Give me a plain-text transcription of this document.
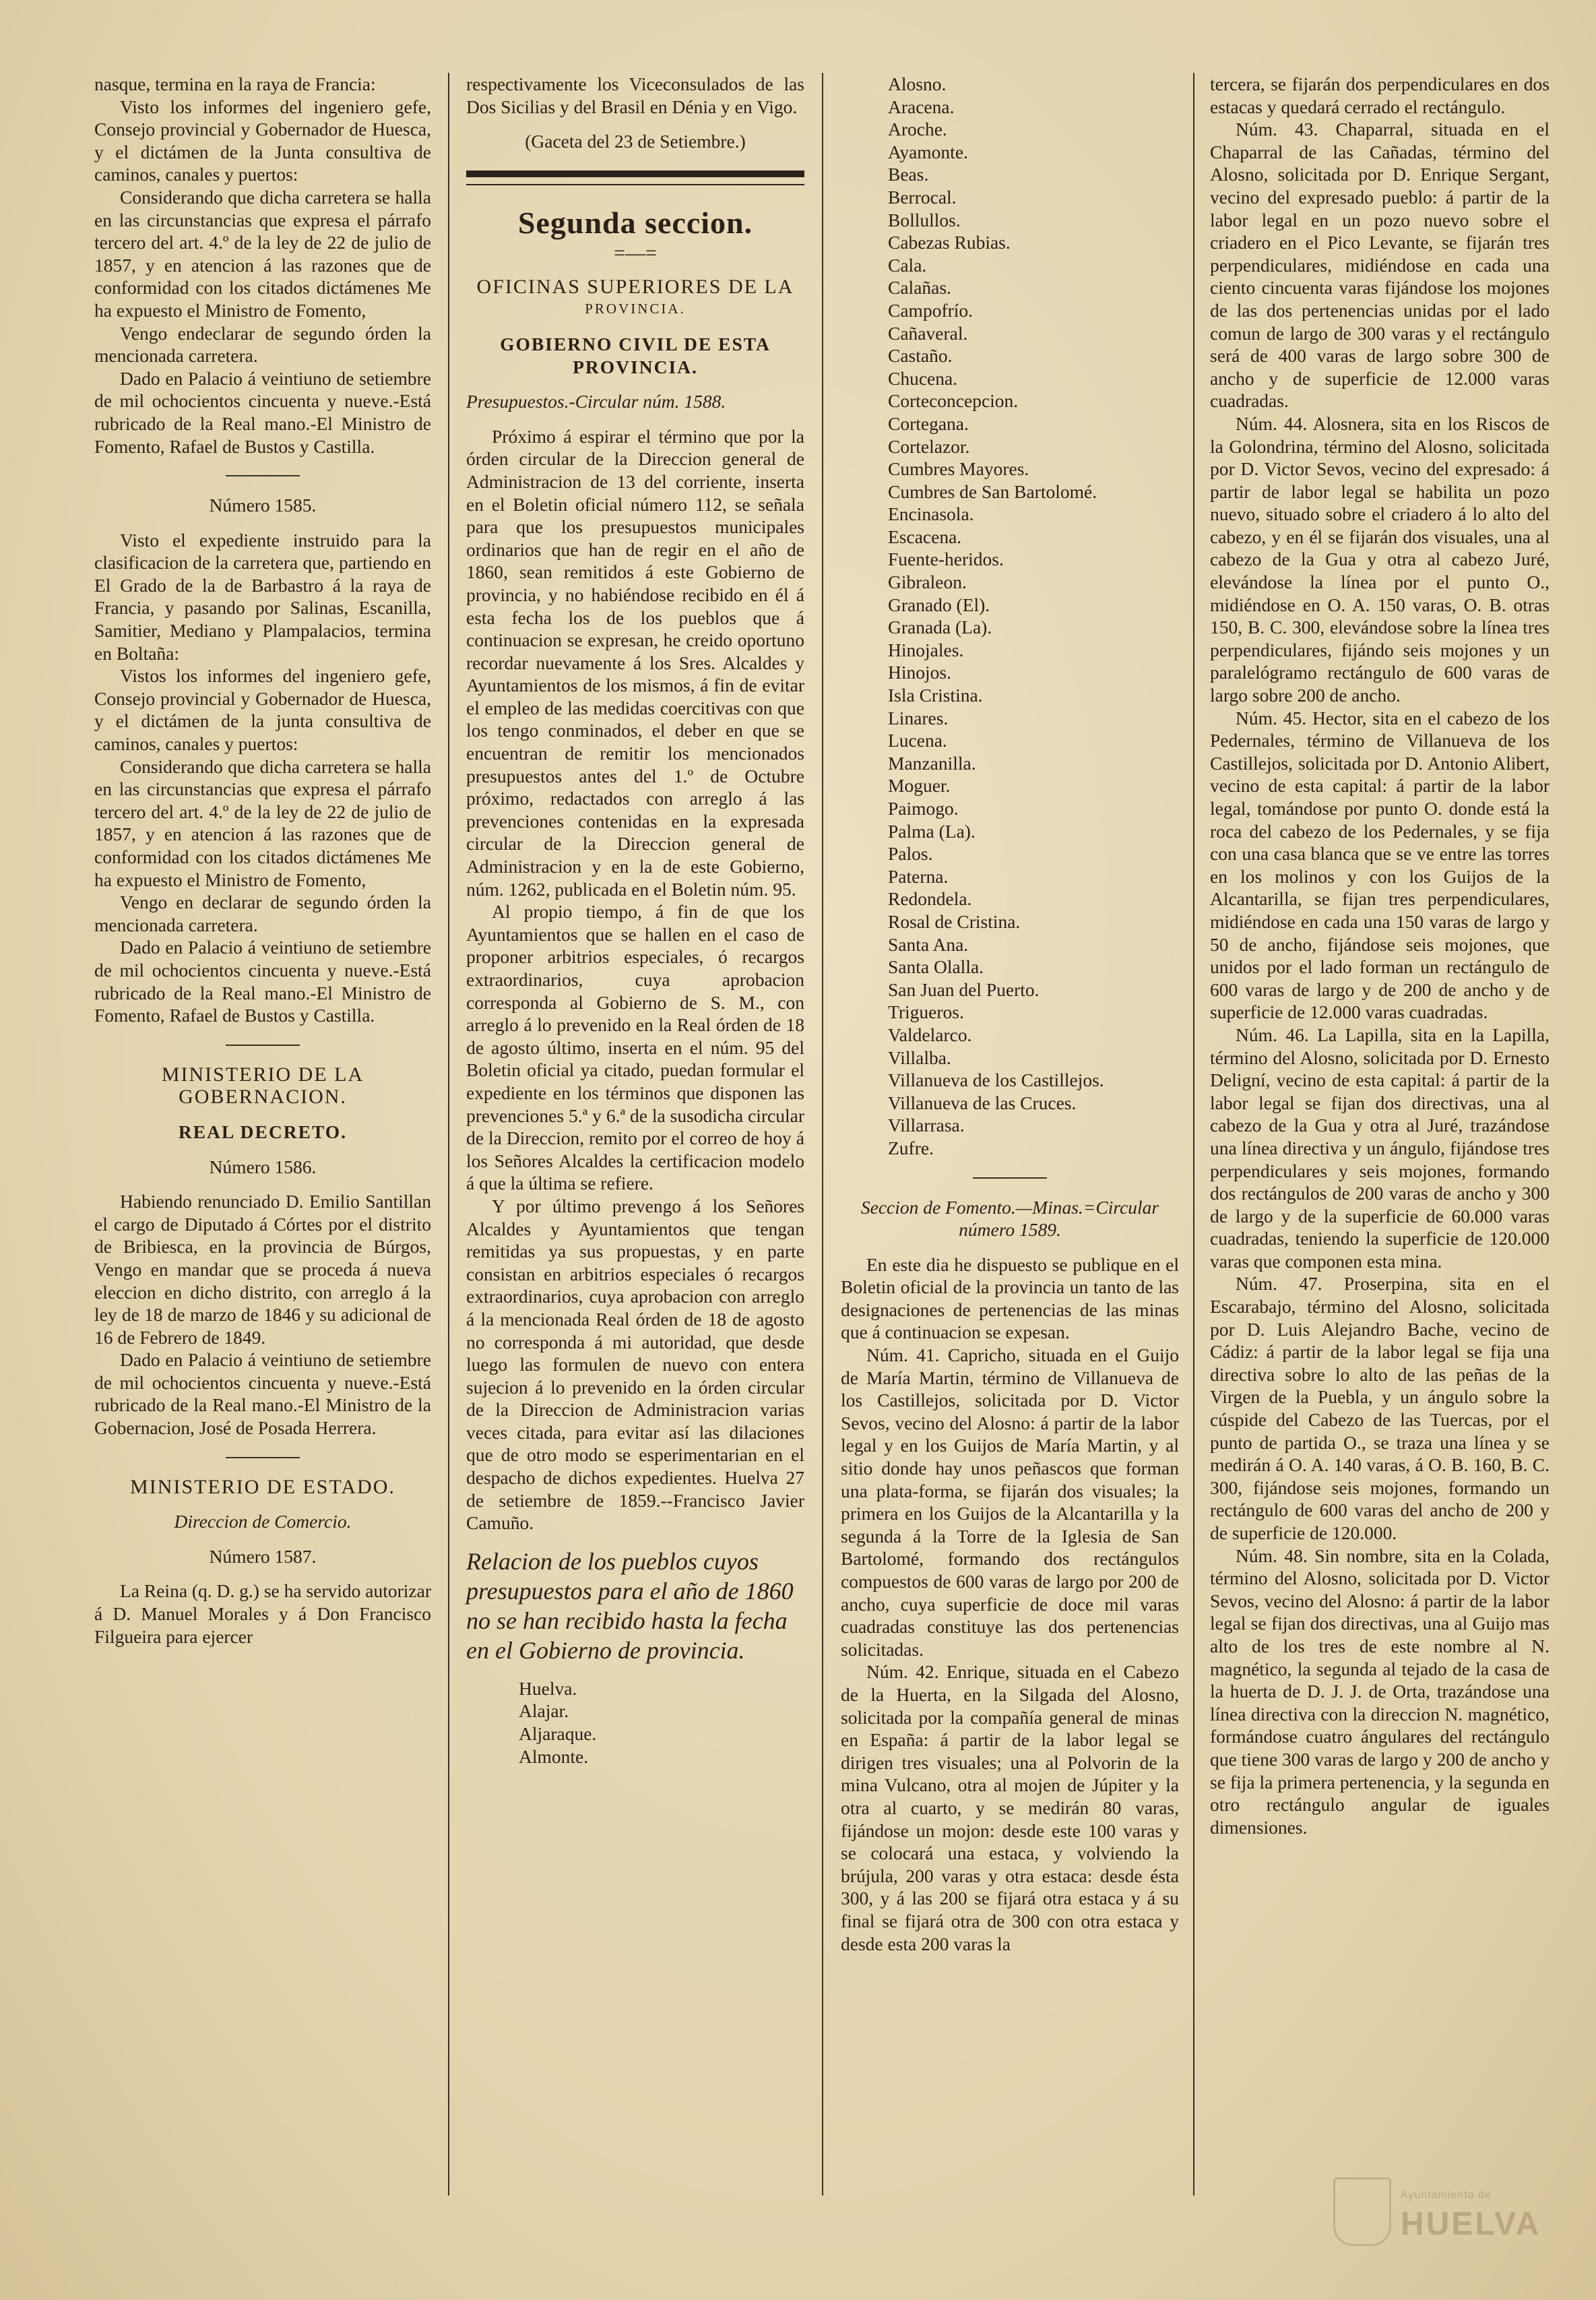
nasque, termina en la raya de Francia:

Visto los informes del ingeniero gefe, Consejo provincial y Gobernador de Huesca, y el dictámen de la Junta consultiva de caminos, canales y puertos:

Considerando que dicha carretera se halla en las circunstancias que expresa el párrafo tercero del art. 4.º de la ley de 22 de julio de 1857, y en atencion á las razones que de conformidad con los citados dictámenes Me ha expuesto el Ministro de Fomento,

Vengo endeclarar de segundo órden la mencionada carretera.

Dado en Palacio á veintiuno de setiembre de mil ochocientos cincuenta y nueve.-Está rubricado de la Real mano.-El Ministro de Fomento, Rafael de Bustos y Castilla.

Número 1585.

Visto el expediente instruido para la clasificacion de la carretera que, partiendo en El Grado de la de Barbastro á la raya de Francia, y pasando por Salinas, Escanilla, Samitier, Mediano y Plampalacios, termina en Boltaña:

Vistos los informes del ingeniero gefe, Consejo provincial y Gobernador de Huesca, y el dictámen de la junta consultiva de caminos, canales y puertos:

Considerando que dicha carretera se halla en las circunstancias que expresa el párrafo tercero del art. 4.º de la ley de 22 de julio de 1857, y en atencion á las razones que de conformidad con los citados dictámenes Me ha expuesto el Ministro de Fomento,

Vengo en declarar de segundo órden la mencionada carretera.

Dado en Palacio á veintiuno de setiembre de mil ochocientos cincuenta y nueve.-Está rubricado de la Real mano.-El Ministro de Fomento, Rafael de Bustos y Castilla.

MINISTERIO DE LA GOBERNACION.

REAL DECRETO.

Número 1586.

Habiendo renunciado D. Emilio Santillan el cargo de Diputado á Córtes por el distrito de Bribiesca, en la provincia de Búrgos, Vengo en mandar que se proceda á nueva eleccion en dicho distrito, con arreglo á la ley de 18 de marzo de 1846 y su adicional de 16 de Febrero de 1849.

Dado en Palacio á veintiuno de setiembre de mil ochocientos cincuenta y nueve.-Está rubricado de la Real mano.-El Ministro de la Gobernacion, José de Posada Herrera.

MINISTERIO DE ESTADO.

Direccion de Comercio.

Número 1587.

La Reina (q. D. g.) se ha servido autorizar á D. Manuel Morales y á Don Francisco Filgueira para ejercer

respectivamente los Viceconsulados de las Dos Sicilias y del Brasil en Dénia y en Vigo.

(Gaceta del 23 de Setiembre.)

Segunda seccion.
=—=

OFICINAS SUPERIORES DE LA

PROVINCIA.

GOBIERNO CIVIL DE ESTA PROVINCIA.

Presupuestos.-Circular núm. 1588.

Próximo á espirar el término que por la órden circular de la Direccion general de Administracion de 13 del corriente, inserta en el Boletin oficial número 112, se señala para que los presupuestos municipales ordinarios que han de regir en el año de 1860, sean remitidos á este Gobierno de provincia, y no habiéndose recibido en él á esta fecha los de los pueblos que á continuacion se expresan, he creido oportuno recordar nuevamente á los Sres. Alcaldes y Ayuntamientos de los mismos, á fin de evitar el empleo de las medidas coercitivas con que los tengo conminados, el deber en que se encuentran de remitir los mencionados presupuestos antes del 1.º de Octubre próximo, redactados con arreglo á las prevenciones contenidas en la expresada circular de la Direccion general de Administracion y en la de este Gobierno, núm. 1262, publicada en el Boletin núm. 95.

Al propio tiempo, á fin de que los Ayuntamientos que se hallen en el caso de proponer arbitrios especiales, ó recargos extraordinarios, cuya aprobacion corresponda al Gobierno de S. M., con arreglo á lo prevenido en la Real órden de 18 de agosto último, inserta en el núm. 95 del Boletin oficial ya citado, puedan formular el expediente en los términos que disponen las prevenciones 5.ª y 6.ª de la susodicha circular de la Direccion, remito por el correo de hoy á los Señores Alcaldes la certificacion modelo á que la última se refiere.

Y por último prevengo á los Señores Alcaldes y Ayuntamientos que tengan remitidas ya sus propuestas, y en parte consistan en arbitrios especiales ó recargos extraordinarios, cuya aprobacion con arreglo á la mencionada Real órden de 18 de agosto no corresponda á mi autoridad, que desde luego las formulen de nuevo con entera sujecion á lo prevenido en la órden circular de la Direccion de Administracion varias veces citada, para evitar así las dilaciones que de otro modo se esperimentarian en el despacho de dichos expedientes. Huelva 27 de setiembre de 1859.--Francisco Javier Camuño.

Relacion de los pueblos cuyos presupuestos para el año de 1860 no se han recibido hasta la fecha en el Gobierno de provincia.

Huelva.

Alajar.

Aljaraque.

Almonte.

Alosno.

Aracena.

Aroche.

Ayamonte.

Beas.

Berrocal.

Bollullos.

Cabezas Rubias.

Cala.

Calañas.

Campofrío.

Cañaveral.

Castaño.

Chucena.

Corteconcepcion.

Cortegana.

Cortelazor.

Cumbres Mayores.

Cumbres de San Bartolomé.

Encinasola.

Escacena.

Fuente-heridos.

Gibraleon.

Granado (El).

Granada (La).

Hinojales.

Hinojos.

Isla Cristina.

Linares.

Lucena.

Manzanilla.

Moguer.

Paimogo.

Palma (La).

Palos.

Paterna.

Redondela.

Rosal de Cristina.

Santa Ana.

Santa Olalla.

San Juan del Puerto.

Trigueros.

Valdelarco.

Villalba.

Villanueva de los Castillejos.

Villanueva de las Cruces.

Villarrasa.

Zufre.

Seccion de Fomento.—Minas.=Circular número 1589.

En este dia he dispuesto se publique en el Boletin oficial de la provincia un tanto de las designaciones de pertenencias de las minas que á continuacion se expesan.

Núm. 41. Capricho, situada en el Guijo de María Martin, término de Villanueva de los Castillejos, solicitada por D. Victor Sevos, vecino del Alosno: á partir de la labor legal y en los Guijos de María Martin, y al sitio donde hay unos peñascos que forman una plata-forma, se fijarán dos visuales; la primera en los Guijos de la Alcantarilla y la segunda á la Torre de la Iglesia de San Bartolomé, formando dos rectángulos compuestos de 600 varas de largo por 200 de ancho, cuya superficie de doce mil varas cuadradas constituye las dos pertenencias solicitadas.

Núm. 42. Enrique, situada en el Cabezo de la Huerta, en la Silgada del Alosno, solicitada por la compañía general de minas en España: á partir de la labor legal se dirigen tres visuales; una al Polvorin de la mina Vulcano, otra al mojen de Júpiter y la otra al cuarto, y se medirán 80 varas, fijándose un mojon: desde este 100 varas y se colocará una estaca, y volviendo la brújula, 200 varas y otra estaca: desde ésta 300, y á las 200 se fijará otra estaca y á su final se fijará otra de 300 con otra estaca y desde esta 200 varas la

tercera, se fijarán dos perpendiculares en dos estacas y quedará cerrado el rectángulo.

Núm. 43. Chaparral, situada en el Chaparral de las Cañadas, término del Alosno, solicitada por D. Enrique Sergant, vecino del expresado pueblo: á partir de la labor legal en un pozo nuevo sobre el criadero en el Pico Levante, se fijarán tres perpendiculares, midiéndose en cada una ciento cincuenta varas fijándose los mojones de las dos pertenencias unidas por el lado comun de largo de 300 varas y el rectángulo será de 400 varas de largo sobre 300 de ancho y de superficie de 12.000 varas cuadradas.

Núm. 44. Alosnera, sita en los Riscos de la Golondrina, término del Alosno, solicitada por D. Victor Sevos, vecino del expresado: á partir de labor legal se habilita un pozo nuevo, situado sobre el criadero á lo alto del cabezo, y en él se fijarán dos visuales, una al cabezo de la Gua y otra al cabezo Juré, elevándose la línea por el punto O., midiéndose en O. A. 150 varas, O. B. otras 150, B. C. 300, elevándose sobre la línea tres perpendiculares, fijándo seis mojones y un paralelógramo rectángulo de 600 varas de largo sobre 200 de ancho.

Núm. 45. Hector, sita en el cabezo de los Pedernales, término de Villanueva de los Castillejos, solicitada por D. Antonio Alibert, vecino de esta capital: á partir de la labor legal, tomándose por punto O. donde está la roca del cabezo de los Pedernales, y se fija con una casa blanca que se ve entre las torres en los molinos y con los Guijos de la Alcantarilla, se fijan tres perpendiculares, midiéndose en cada una 150 varas de largo y 50 de ancho, fijándose seis mojones, que unidos por el lado forman un rectángulo de 600 varas de largo y de 200 de ancho y de superficie de 12.000 varas cuadradas.

Núm. 46. La Lapilla, sita en la Lapilla, término del Alosno, solicitada por D. Ernesto Deligní, vecino de esta capital: á partir de la labor legal se fijan dos directivas, una al cabezo de la Gua y otra al Juré, trazándose una línea directiva y un ángulo, fijándose tres perpendiculares y seis mojones, formando dos rectángulos de 200 varas de ancho y 300 de largo y de la superficie de 60.000 varas cuadradas, teniendo la superficie de 120.000 varas que componen esta mina.

Núm. 47. Proserpina, sita en el Escarabajo, término del Alosno, solicitada por D. Luis Alejandro Bache, vecino de Cádiz: á partir de la labor legal se fija una directiva sobre lo alto de las peñas de la Virgen de la Puebla, y un ángulo sobre la cúspide del Cabezo de las Tuercas, por el punto de partida O., se traza una línea y se medirán á O. A. 140 varas, á O. B. 160, B. C. 300, fijándose seis mojones, formando un rectángulo de 600 varas del ancho de 200 y de superficie de 120.000.

Núm. 48. Sin nombre, sita en la Colada, término del Alosno, solicitada por D. Victor Sevos, vecino del Alosno: á partir de la labor legal se fijan dos directivas, una al Guijo mas alto de los tres de este nombre al N. magnético, la segunda al tejado de la casa de la huerta de D. J. J. de Orta, trazándose una línea directiva con la direccion N. magnético, formándose cuatro ángulares del rectángulo que tiene 300 varas de largo y 200 de ancho y se fija la primera pertenencia, y la segunda en otro rectángulo angular de iguales dimensiones.

Ayuntamiento de
HUELVA
